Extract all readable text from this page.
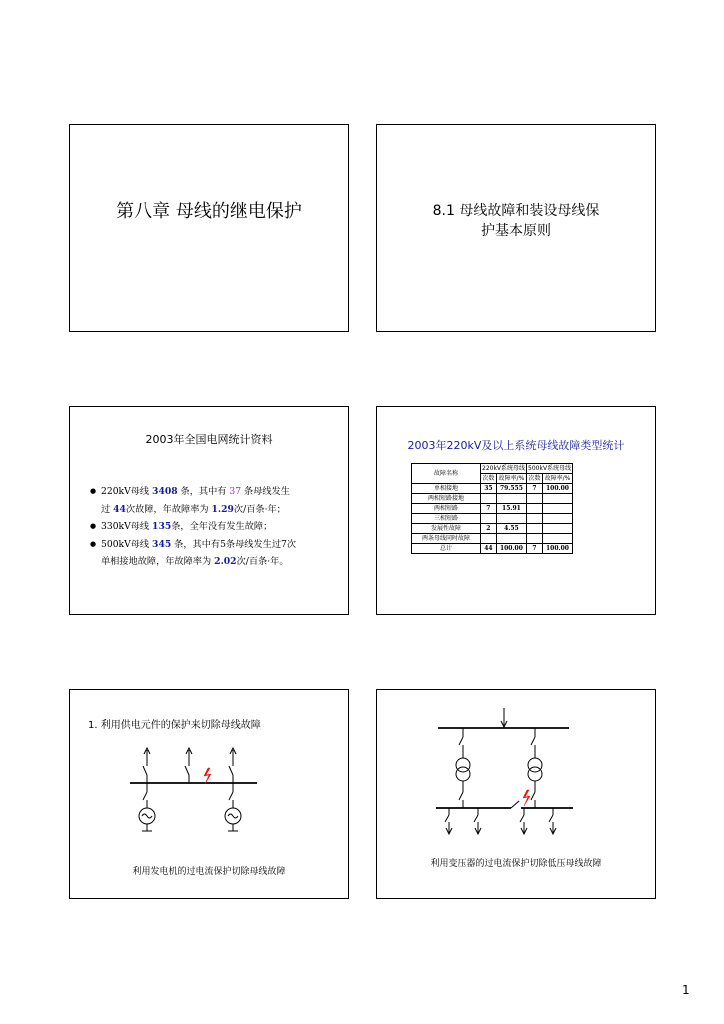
第八章 母线的继电保护	8.1 母线故障和装设母线保
护基本原则
2003年全国电网统计资料
● 220kV母线 3408 条，其中有 37 条母线发生
过 44次故障，年故障率为 1.29次/百条·年；
● 330kV母线 135条，全年没有发生故障；
● 500kV母线 345 条，其中有5条母线发生过7次
单相接地故障，年故障率为 2.02次/百条·年。
2003年220kV及以上系统母线故障类型统计
故障名称	220kV系统母线		500kV系统母线	
	次数	故障率/%	次数	故障率/%
单相接地	35	79.555	7	100.00
两相短路接地				
两相短路	7	15.91		
三相短路				
发展性故障	2	4.55		
两条母线同时故障				
总计	44	100.00	7	100.00
1. 利用供电元件的保护来切除母线故障
利用发电机的过电流保护切除母线故障
利用变压器的过电流保护切除低压母线故障
1
